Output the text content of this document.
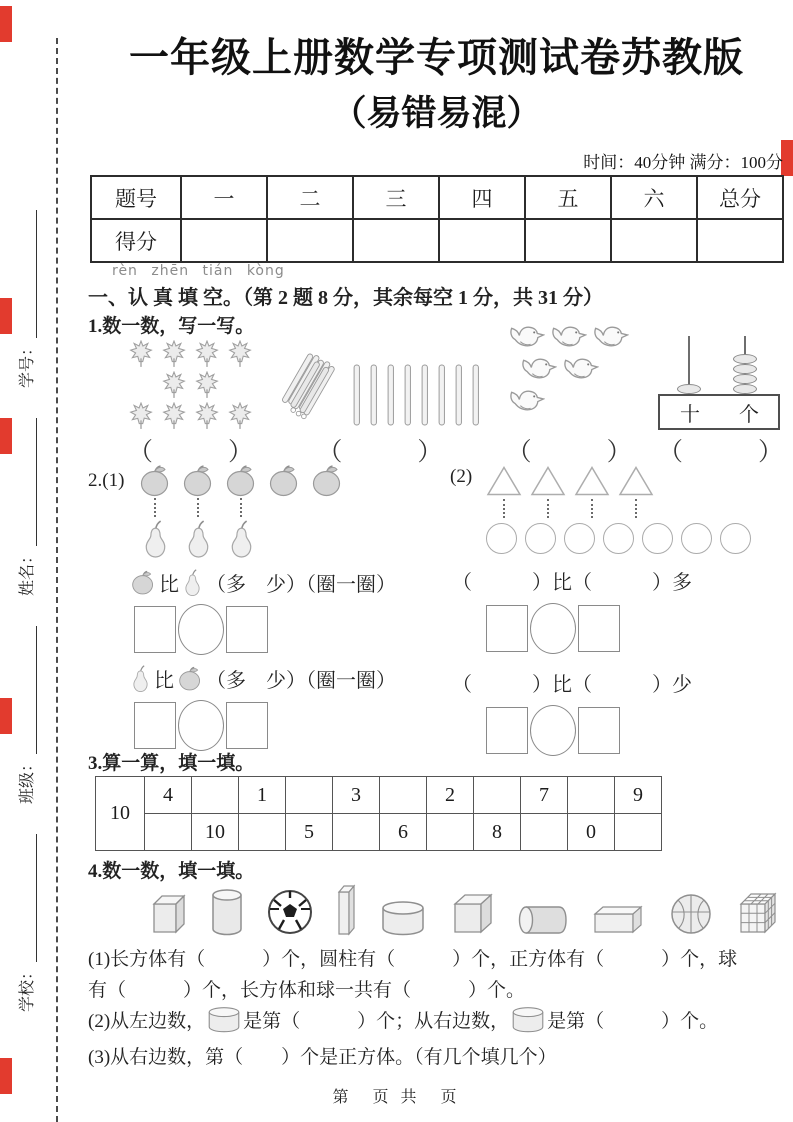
学校：
班级：
姓名：
学号：
一年级上册数学专项测试卷苏教版
（易错易混）
时间：40分钟 满分：100分
题号	一	二	三	四	五	六	总分
得分							
rèn zhēn tián kòng
一、认 真 填 空。（第 2 题 8 分，其余每空 1 分，共 31 分）
1.数一数，写一写。
（　　　）	（　　　）	（　　　）
十 个
（　　　）
2.(1)
比 （多　少）（圈一圈）
比 （多　少）（圈一圈）
(2)
（　　　）比（　　　）多
（　　　）比（　　　）少
3.算一算，填一填。
10	4		1		3		2		7		9
		10		5		6		8		0	
4.数一数，填一填。
(1)长方体有（　　　）个，圆柱有（　　　）个，正方体有（　　　）个，球
有（　　　）个，长方体和球一共有（　　　）个。
(2)从左边数， 是第（　　　）个；从右边数， 是第（　　　）个。
(3)从右边数，第（　　）个是正方体。（有几个填几个）
第　页 共　页
